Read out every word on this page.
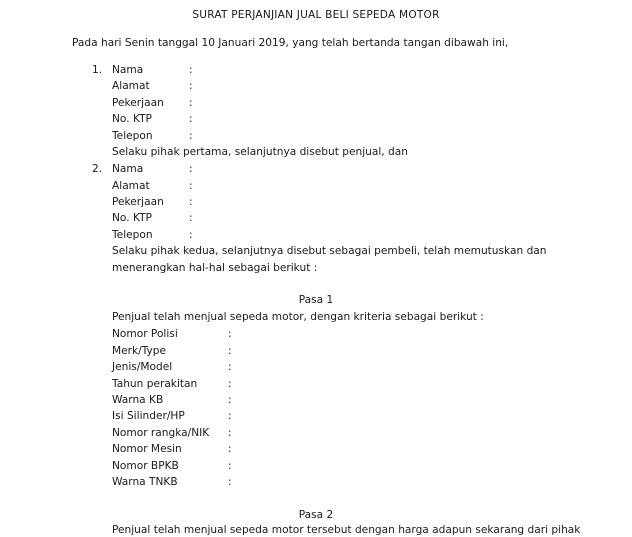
SURAT PERJANJIAN JUAL BELI SEPEDA MOTOR
Pada hari Senin tanggal 10 Januari 2019, yang telah bertanda tangan dibawah ini,
1. Nama	:
Alamat	:
Pekerjaan :
No. KTP	:
Telepon	:
Selaku pihak pertama, selanjutnya disebut penjual, dan
2. Nama	:
Alamat	:
Pekerjaan :
No. KTP	:
Telepon	:
Selaku pihak kedua, selanjutnya disebut sebagai pembeli, telah memutuskan dan
menerangkan hal-hal sebagai berikut :
Pasa 1
Penjual telah menjual sepeda motor, dengan kriteria sebagai berikut :
Nomor Polisi	:
Merk/Type	:
Jenis/Model	:
Tahun perakitan	:
Warna KB	:
Isi Silinder/HP	:
Nomor rangka/NIK :
Nomor Mesin	:
Nomor BPKB	:
Warna TNKB	:
Pasa 2
Penjual telah menjual sepeda motor tersebut dengan harga adapun sekarang dari pihak
